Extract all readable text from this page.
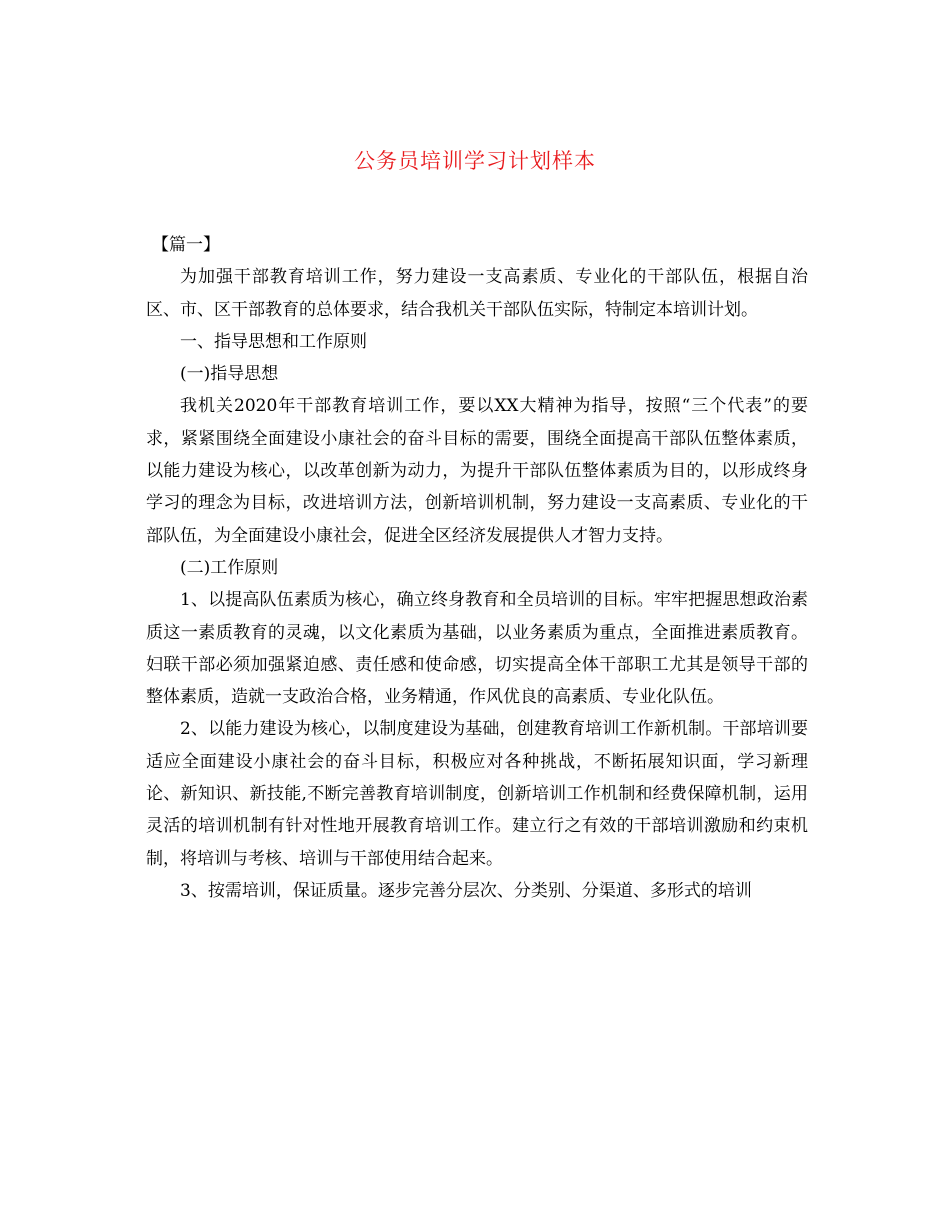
公务员培训学习计划样本

【篇一】

为加强干部教育培训工作，努力建设一支高素质、专业化的干部队伍，根据自治区、市、区干部教育的总体要求，结合我机关干部队伍实际，特制定本培训计划。

一、指导思想和工作原则

(一)指导思想

我机关2020年干部教育培训工作，要以XX大精神为指导，按照“三个代表”的要求，紧紧围绕全面建设小康社会的奋斗目标的需要，围绕全面提高干部队伍整体素质，以能力建设为核心，以改革创新为动力，为提升干部队伍整体素质为目的，以形成终身学习的理念为目标，改进培训方法，创新培训机制，努力建设一支高素质、专业化的干部队伍，为全面建设小康社会，促进全区经济发展提供人才智力支持。

(二)工作原则

1、以提高队伍素质为核心，确立终身教育和全员培训的目标。牢牢把握思想政治素质这一素质教育的灵魂，以文化素质为基础，以业务素质为重点，全面推进素质教育。妇联干部必须加强紧迫感、责任感和使命感，切实提高全体干部职工尤其是领导干部的整体素质，造就一支政治合格，业务精通，作风优良的高素质、专业化队伍。

2、以能力建设为核心，以制度建设为基础，创建教育培训工作新机制。干部培训要适应全面建设小康社会的奋斗目标，积极应对各种挑战，不断拓展知识面，学习新理论、新知识、新技能,不断完善教育培训制度，创新培训工作机制和经费保障机制，运用灵活的培训机制有针对性地开展教育培训工作。建立行之有效的干部培训激励和约束机制，将培训与考核、培训与干部使用结合起来。

3、按需培训，保证质量。逐步完善分层次、分类别、分渠道、多形式的培训
